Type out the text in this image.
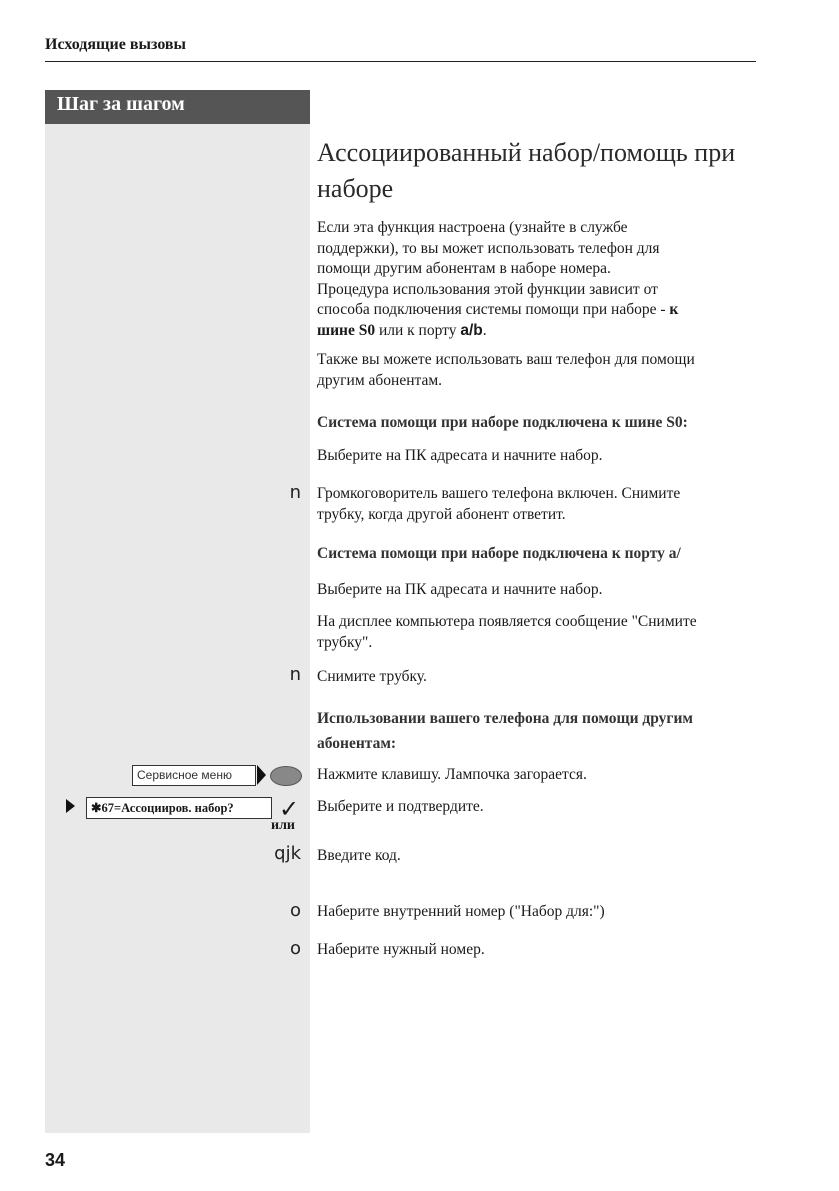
Исходящие вызовы
Шаг за шагом
Ассоциированный набор/помощь при наборе
Если эта функция настроена (узнайте в службе
поддержки), то вы может использовать телефон для
помощи другим абонентам в наборе номера.
Процедура использования этой функции зависит от
способа подключения системы помощи при наборе - к
шине S0 или к порту a/b.
Также вы можете использовать ваш телефон для помощи
другим абонентам.
Система помощи при наборе подключена к шине S0:
Выберите на ПК адресата и начните набор.
n Громкоговоритель вашего телефона включен. Снимите
трубку, когда другой абонент ответит.
Система помощи при наборе подключена к порту a/
Выберите на ПК адресата и начните набор.
На дисплее компьютера появляется сообщение "Снимите
трубку".
n Снимите трубку.
Использовании вашего телефона для помощи другим
абонентам:
Сервисное меню	Нажмите клавишу. Лампочка загорается.
✱67=Ассоцииров. набор?	✓ Выберите и подтвердите.
или
qjk Введите код.
o Наберите внутренний номер ("Набор для:")
o Наберите нужный номер.
34
